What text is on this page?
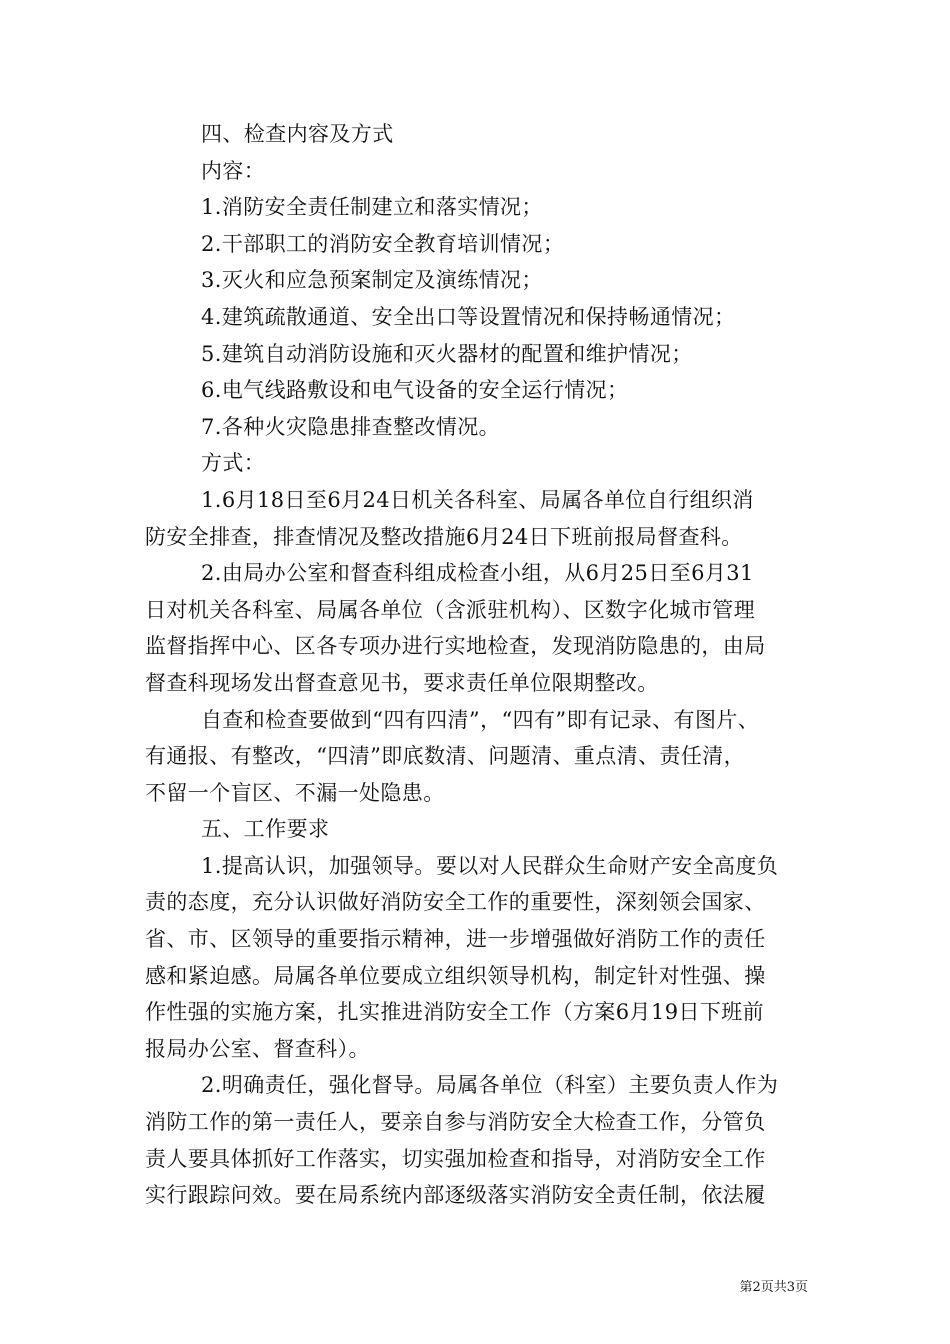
四、检查内容及方式
内容：
1.消防安全责任制建立和落实情况；
2.干部职工的消防安全教育培训情况；
3.灭火和应急预案制定及演练情况；
4.建筑疏散通道、安全出口等设置情况和保持畅通情况；
5.建筑自动消防设施和灭火器材的配置和维护情况；
6.电气线路敷设和电气设备的安全运行情况；
7.各种火灾隐患排查整改情况。
方式：
1.6月18日至6月24日机关各科室、局属各单位自行组织消
防安全排查，排查情况及整改措施6月24日下班前报局督查科。
2.由局办公室和督查科组成检查小组，从6月25日至6月31
日对机关各科室、局属各单位（含派驻机构）、区数字化城市管理
监督指挥中心、区各专项办进行实地检查，发现消防隐患的，由局
督查科现场发出督查意见书，要求责任单位限期整改。
自查和检查要做到“四有四清”，“四有”即有记录、有图片、
有通报、有整改，“四清”即底数清、问题清、重点清、责任清，
不留一个盲区、不漏一处隐患。
五、工作要求
1.提高认识，加强领导。要以对人民群众生命财产安全高度负
责的态度，充分认识做好消防安全工作的重要性，深刻领会国家、
省、市、区领导的重要指示精神，进一步增强做好消防工作的责任
感和紧迫感。局属各单位要成立组织领导机构，制定针对性强、操
作性强的实施方案，扎实推进消防安全工作（方案6月19日下班前
报局办公室、督查科）。
2.明确责任，强化督导。局属各单位（科室）主要负责人作为
消防工作的第一责任人，要亲自参与消防安全大检查工作，分管负
责人要具体抓好工作落实，切实强加检查和指导，对消防安全工作
实行跟踪问效。要在局系统内部逐级落实消防安全责任制，依法履
第2页共3页
